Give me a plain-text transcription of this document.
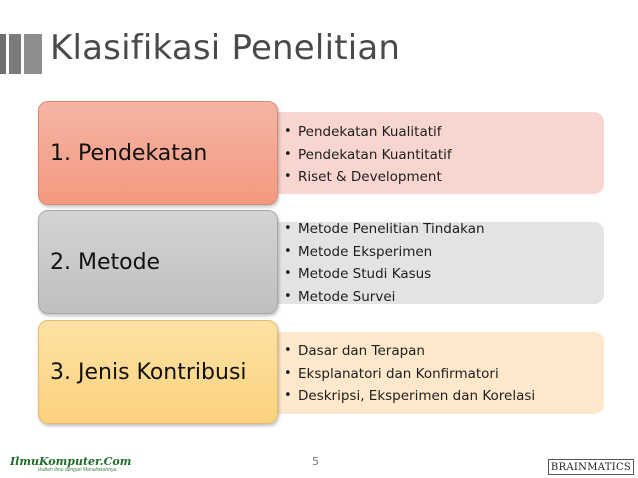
Klasifikasi Penelitian
• Pendekatan Kualitatif
• Pendekatan Kuantitatif
• Riset & Development
1. Pendekatan
• Metode Penelitian Tindakan
• Metode Eksperimen
• Metode Studi Kasus
• Metode Survei
2. Metode
• Dasar dan Terapan
• Eksplanatori dan Konfirmatori
• Deskripsi, Eksperimen dan Korelasi
3. Jenis Kontribusi
IlmuKomputer.Com
Ikatlah Ilmu dengan Menuliskannya
5	BRAINMATICS
